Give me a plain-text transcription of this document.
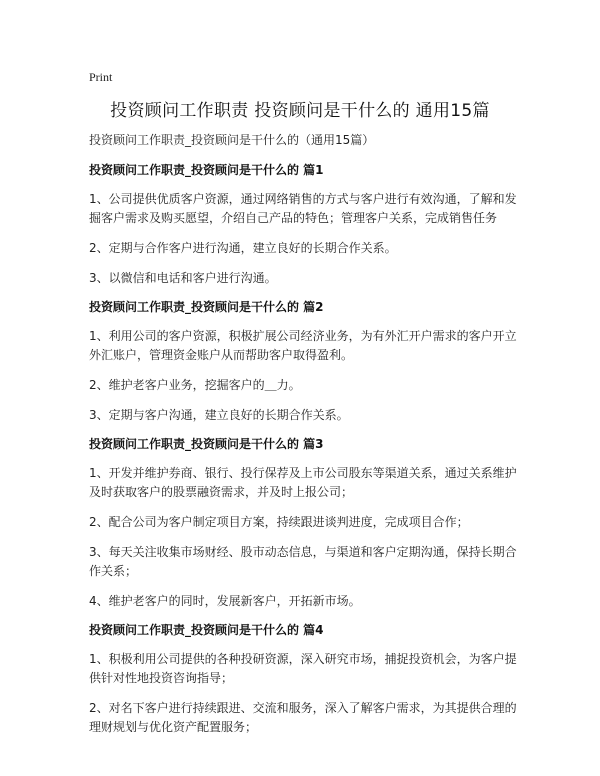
Print
投资顾问工作职责 投资顾问是干什么的 通用15篇

投资顾问工作职责_投资顾问是干什么的（通用15篇）

投资顾问工作职责_投资顾问是干什么的 篇1

1、公司提供优质客户资源，通过网络销售的方式与客户进行有效沟通，了解和发掘客户需求及购买愿望，介绍自己产品的特色；管理客户关系，完成销售任务

2、定期与合作客户进行沟通，建立良好的长期合作关系。

3、以微信和电话和客户进行沟通。

投资顾问工作职责_投资顾问是干什么的 篇2

1、利用公司的客户资源，积极扩展公司经济业务，为有外汇开户需求的客户开立外汇账户，管理资金账户从而帮助客户取得盈利。

2、维护老客户业务，挖掘客户的＿力。

3、定期与客户沟通，建立良好的长期合作关系。

投资顾问工作职责_投资顾问是干什么的 篇3

1、开发并维护券商、银行、投行保荐及上市公司股东等渠道关系，通过关系维护及时获取客户的股票融资需求，并及时上报公司；

2、配合公司为客户制定项目方案，持续跟进谈判进度，完成项目合作；

3、每天关注收集市场财经、股市动态信息，与渠道和客户定期沟通，保持长期合作关系；

4、维护老客户的同时，发展新客户，开拓新市场。

投资顾问工作职责_投资顾问是干什么的 篇4

1、积极利用公司提供的各种投研资源，深入研究市场，捕捉投资机会，为客户提供针对性地投资咨询指导；

2、对名下客户进行持续跟进、交流和服务，深入了解客户需求，为其提供合理的理财规划与优化资产配置服务；
